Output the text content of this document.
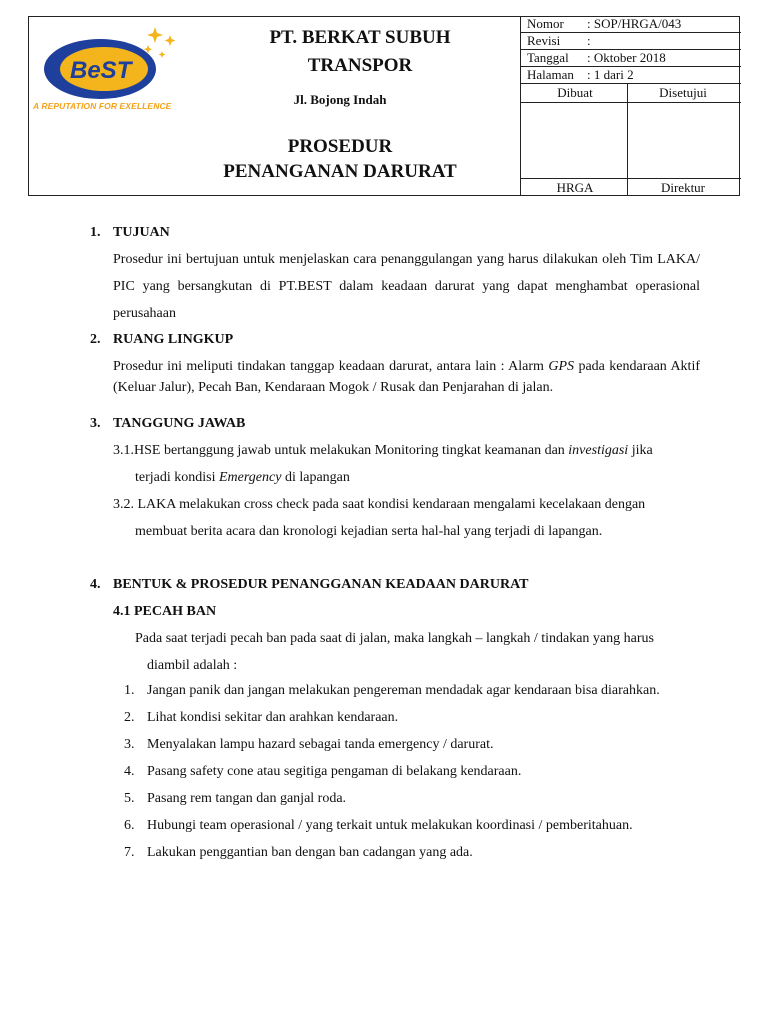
BeST
A REPUTATION FOR EXELLENCE
PT. BERKAT SUBUH
TRANSPOR
Jl. Bojong Indah
PROSEDUR
PENANGANAN DARURAT
Nomor : SOP/HRGA/043
Revisi :
Tanggal : Oktober 2018
Halaman : 1 dari 2
Dibuat	Disetujui
HRGA	Direktur
1. TUJUAN
Prosedur ini bertujuan untuk menjelaskan cara penanggulangan yang harus dilakukan oleh Tim LAKA/ PIC yang bersangkutan di PT.BEST dalam keadaan darurat yang dapat menghambat operasional perusahaan
2. RUANG LINGKUP
Prosedur ini meliputi tindakan tanggap keadaan darurat, antara lain : Alarm GPS pada kendaraan Aktif (Keluar Jalur), Pecah Ban, Kendaraan Mogok / Rusak dan Penjarahan di jalan.
3. TANGGUNG JAWAB
3.1.HSE bertanggung jawab untuk melakukan Monitoring tingkat keamanan dan investigasi jika
terjadi kondisi Emergency di lapangan
3.2. LAKA melakukan cross check pada saat kondisi kendaraan mengalami kecelakaan dengan
membuat berita acara dan kronologi kejadian serta hal-hal yang terjadi di lapangan.
4. BENTUK & PROSEDUR PENANGGANAN KEADAAN DARURAT
4.1 PECAH BAN
Pada saat terjadi pecah ban pada saat di jalan, maka langkah – langkah / tindakan yang harus
diambil adalah :
1. Jangan panik dan jangan melakukan pengereman mendadak agar kendaraan bisa diarahkan.
2. Lihat kondisi sekitar dan arahkan kendaraan.
3. Menyalakan lampu hazard sebagai tanda emergency / darurat.
4. Pasang safety cone atau segitiga pengaman di belakang kendaraan.
5. Pasang rem tangan dan ganjal roda.
6. Hubungi team operasional / yang terkait untuk melakukan koordinasi / pemberitahuan.
7. Lakukan penggantian ban dengan ban cadangan yang ada.
